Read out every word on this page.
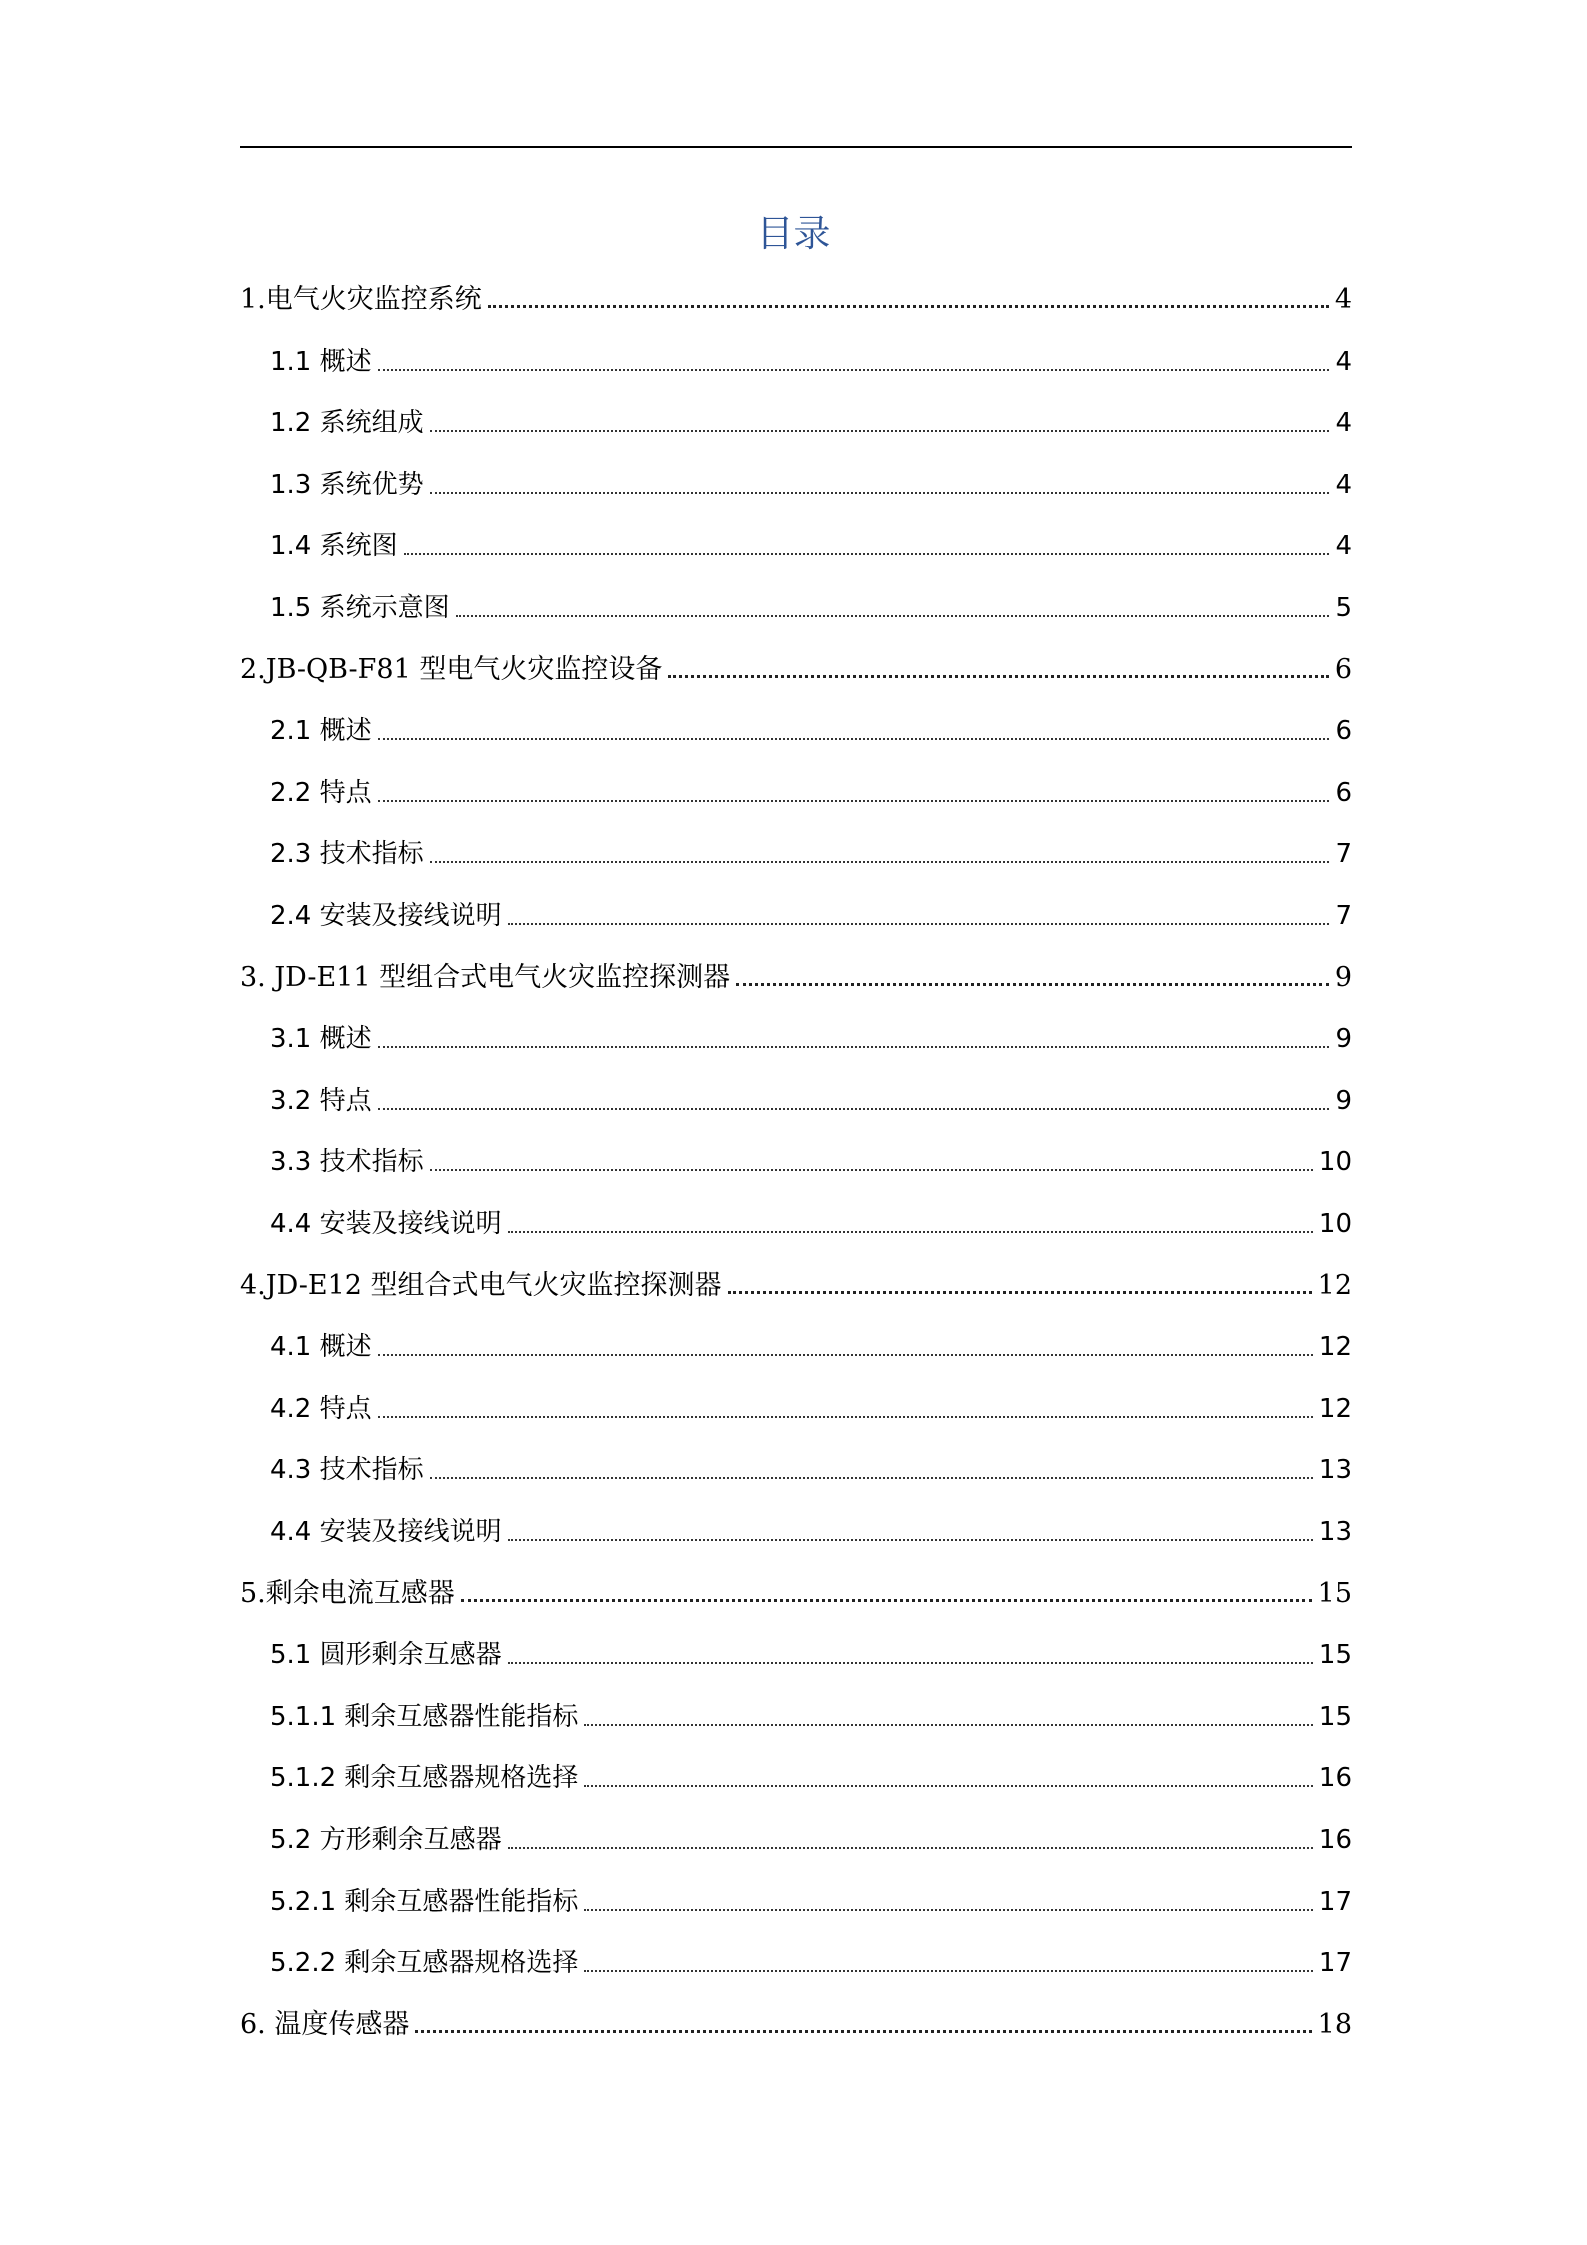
目录
1.电气火灾监控系统	4
1.1 概述	4
1.2 系统组成	4
1.3 系统优势	4
1.4 系统图	4
1.5 系统示意图	5
2.JB-QB-F81 型电气火灾监控设备	6
2.1 概述	6
2.2 特点	6
2.3 技术指标	7
2.4 安装及接线说明	7
3. JD-E11 型组合式电气火灾监控探测器	9
3.1 概述	9
3.2 特点	9
3.3 技术指标	10
4.4 安装及接线说明	10
4.JD-E12 型组合式电气火灾监控探测器	12
4.1 概述	12
4.2 特点	12
4.3 技术指标	13
4.4 安装及接线说明	13
5.剩余电流互感器	15
5.1 圆形剩余互感器	15
5.1.1 剩余互感器性能指标	15
5.1.2 剩余互感器规格选择	16
5.2 方形剩余互感器	16
5.2.1 剩余互感器性能指标	17
5.2.2 剩余互感器规格选择	17
6. 温度传感器	18
